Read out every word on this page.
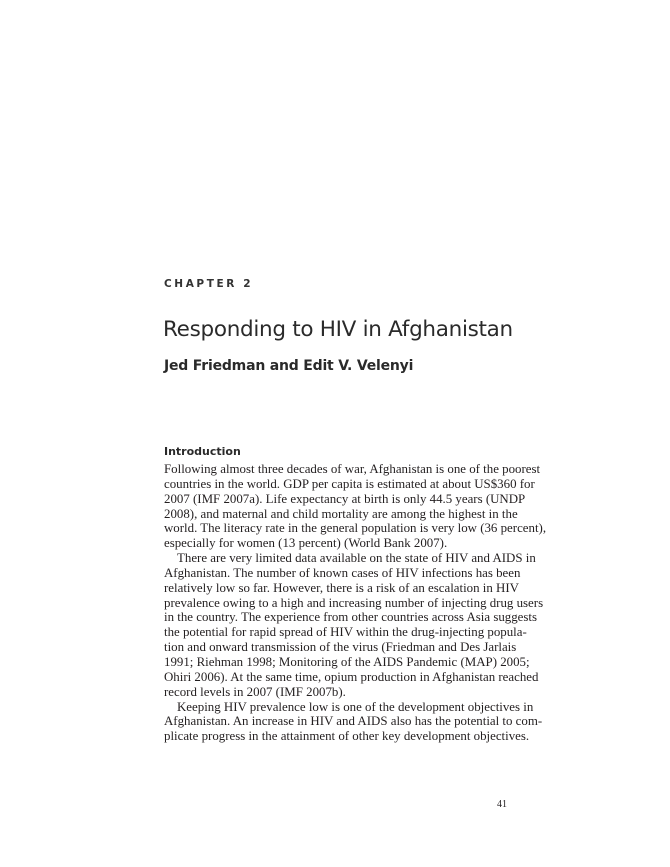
CHAPTER 2
Responding to HIV in Afghanistan
Jed Friedman and Edit V. Velenyi
Introduction
Following almost three decades of war, Afghanistan is one of the poorest
countries in the world. GDP per capita is estimated at about US$360 for
2007 (IMF 2007a). Life expectancy at birth is only 44.5 years (UNDP
2008), and maternal and child mortality are among the highest in the
world. The literacy rate in the general population is very low (36 percent),
especially for women (13 percent) (World Bank 2007).
There are very limited data available on the state of HIV and AIDS in
Afghanistan. The number of known cases of HIV infections has been
relatively low so far. However, there is a risk of an escalation in HIV
prevalence owing to a high and increasing number of injecting drug users
in the country. The experience from other countries across Asia suggests
the potential for rapid spread of HIV within the drug-injecting popula-
tion and onward transmission of the virus (Friedman and Des Jarlais
1991; Riehman 1998; Monitoring of the AIDS Pandemic (MAP) 2005;
Ohiri 2006). At the same time, opium production in Afghanistan reached
record levels in 2007 (IMF 2007b).
Keeping HIV prevalence low is one of the development objectives in
Afghanistan. An increase in HIV and AIDS also has the potential to com-
plicate progress in the attainment of other key development objectives.
41
